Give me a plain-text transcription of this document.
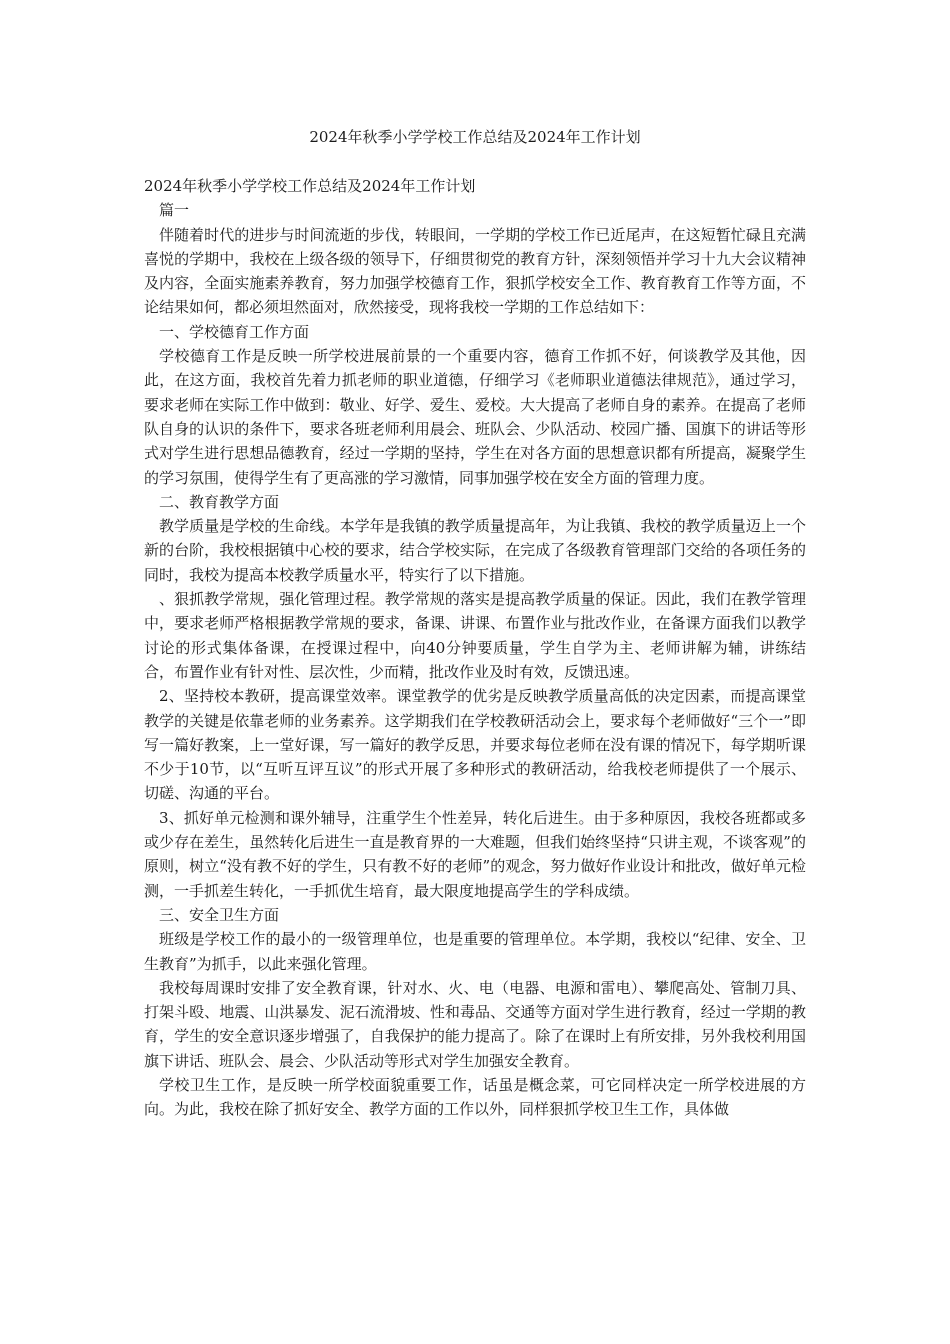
2024年秋季小学学校工作总结及2024年工作计划

2024年秋季小学学校工作总结及2024年工作计划

篇一

伴随着时代的进步与时间流逝的步伐，转眼间，一学期的学校工作已近尾声，在这短暂忙碌且充满喜悦的学期中，我校在上级各级的领导下，仔细贯彻党的教育方针，深刻领悟并学习十九大会议精神及内容，全面实施素养教育，努力加强学校德育工作，狠抓学校安全工作、教育教育工作等方面，不论结果如何，都必须坦然面对，欣然接受，现将我校一学期的工作总结如下：

一、学校德育工作方面

学校德育工作是反映一所学校进展前景的一个重要内容，德育工作抓不好，何谈教学及其他，因此，在这方面，我校首先着力抓老师的职业道德，仔细学习《老师职业道德法律规范》，通过学习，要求老师在实际工作中做到：敬业、好学、爱生、爱校。大大提高了老师自身的素养。在提高了老师队自身的认识的条件下，要求各班老师利用晨会、班队会、少队活动、校园广播、国旗下的讲话等形式对学生进行思想品德教育，经过一学期的坚持，学生在对各方面的思想意识都有所提高，凝聚学生的学习氛围，使得学生有了更高涨的学习激情，同事加强学校在安全方面的管理力度。

二、教育教学方面

教学质量是学校的生命线。本学年是我镇的教学质量提高年，为让我镇、我校的教学质量迈上一个新的台阶，我校根据镇中心校的要求，结合学校实际，在完成了各级教育管理部门交给的各项任务的同时，我校为提高本校教学质量水平，特实行了以下措施。

、狠抓教学常规，强化管理过程。教学常规的落实是提高教学质量的保证。因此，我们在教学管理中，要求老师严格根据教学常规的要求，备课、讲课、布置作业与批改作业，在备课方面我们以教学讨论的形式集体备课，在授课过程中，向40分钟要质量，学生自学为主、老师讲解为辅，讲练结合，布置作业有针对性、层次性，少而精，批改作业及时有效，反馈迅速。

2、坚持校本教研，提高课堂效率。课堂教学的优劣是反映教学质量高低的决定因素，而提高课堂教学的关键是依靠老师的业务素养。这学期我们在学校教研活动会上，要求每个老师做好“三个一”即写一篇好教案，上一堂好课，写一篇好的教学反思，并要求每位老师在没有课的情况下，每学期听课不少于10节，以“互听互评互议”的形式开展了多种形式的教研活动，给我校老师提供了一个展示、切磋、沟通的平台。

3、抓好单元检测和课外辅导，注重学生个性差异，转化后进生。由于多种原因，我校各班都或多或少存在差生，虽然转化后进生一直是教育界的一大难题，但我们始终坚持“只讲主观，不谈客观”的原则，树立“没有教不好的学生，只有教不好的老师”的观念，努力做好作业设计和批改，做好单元检测，一手抓差生转化，一手抓优生培育，最大限度地提高学生的学科成绩。

三、安全卫生方面

班级是学校工作的最小的一级管理单位，也是重要的管理单位。本学期，我校以“纪律、安全、卫生教育”为抓手，以此来强化管理。

我校每周课时安排了安全教育课，针对水、火、电（电器、电源和雷电）、攀爬高处、管制刀具、打架斗殴、地震、山洪暴发、泥石流滑坡、性和毒品、交通等方面对学生进行教育，经过一学期的教育，学生的安全意识逐步增强了，自我保护的能力提高了。除了在课时上有所安排，另外我校利用国旗下讲话、班队会、晨会、少队活动等形式对学生加强安全教育。

学校卫生工作，是反映一所学校面貌重要工作，话虽是概念菜，可它同样决定一所学校进展的方向。为此，我校在除了抓好安全、教学方面的工作以外，同样狠抓学校卫生工作，具体做
